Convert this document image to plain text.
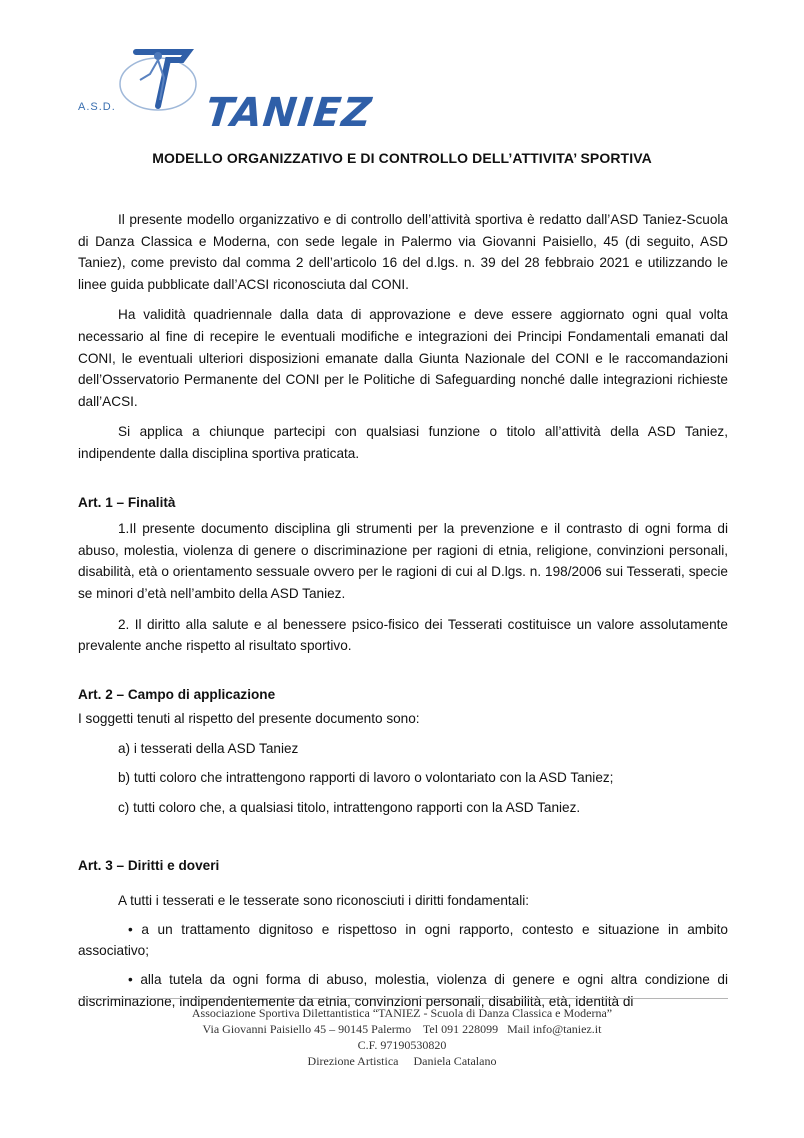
TANIEZ
A.S.D.
MODELLO ORGANIZZATIVO E DI CONTROLLO DELL’ATTIVITA’ SPORTIVA

Il presente modello organizzativo e di controllo dell’attività sportiva è redatto dall’ASD Taniez-Scuola di Danza Classica e Moderna, con sede legale in Palermo via Giovanni Paisiello, 45 (di seguito, ASD Taniez), come previsto dal comma 2 dell’articolo 16 del d.lgs. n. 39 del 28 febbraio 2021 e utilizzando le linee guida pubblicate dall’ACSI riconosciuta dal CONI.

Ha validità quadriennale dalla data di approvazione e deve essere aggiornato ogni qual volta necessario al fine di recepire le eventuali modifiche e integrazioni dei Principi Fondamentali emanati dal CONI, le eventuali ulteriori disposizioni emanate dalla Giunta Nazionale del CONI e le raccomandazioni dell’Osservatorio Permanente del CONI per le Politiche di Safeguarding nonché dalle integrazioni richieste dall’ACSI.

Si applica a chiunque partecipi con qualsiasi funzione o titolo all’attività della ASD Taniez, indipendente dalla disciplina sportiva praticata.

Art. 1 – Finalità

1.Il presente documento disciplina gli strumenti per la prevenzione e il contrasto di ogni forma di abuso, molestia, violenza di genere o discriminazione per ragioni di etnia, religione, convinzioni personali, disabilità, età o orientamento sessuale ovvero per le ragioni di cui al D.lgs. n. 198/2006 sui Tesserati, specie se minori d’età nell’ambito della ASD Taniez.

2. Il diritto alla salute e al benessere psico-fisico dei Tesserati costituisce un valore assolutamente prevalente anche rispetto al risultato sportivo.

Art. 2 – Campo di applicazione

I soggetti tenuti al rispetto del presente documento sono:

a) i tesserati della ASD Taniez

b) tutti coloro che intrattengono rapporti di lavoro o volontariato con la ASD Taniez;

c) tutti coloro che, a qualsiasi titolo, intrattengono rapporti con la ASD Taniez.

Art. 3 – Diritti e doveri

A tutti i tesserati e le tesserate sono riconosciuti i diritti fondamentali:

• a un trattamento dignitoso e rispettoso in ogni rapporto, contesto e situazione in ambito associativo;

• alla tutela da ogni forma di abuso, molestia, violenza di genere e ogni altra condizione di discriminazione, indipendentemente da etnia, convinzioni personali, disabilità, età, identità di

Associazione Sportiva Dilettantistica “TANIEZ - Scuola di Danza Classica e Moderna”
Via Giovanni Paisiello 45 – 90145 Palermo    Tel 091 228099   Mail info@taniez.it
C.F. 97190530820
Direzione Artistica     Daniela Catalano
